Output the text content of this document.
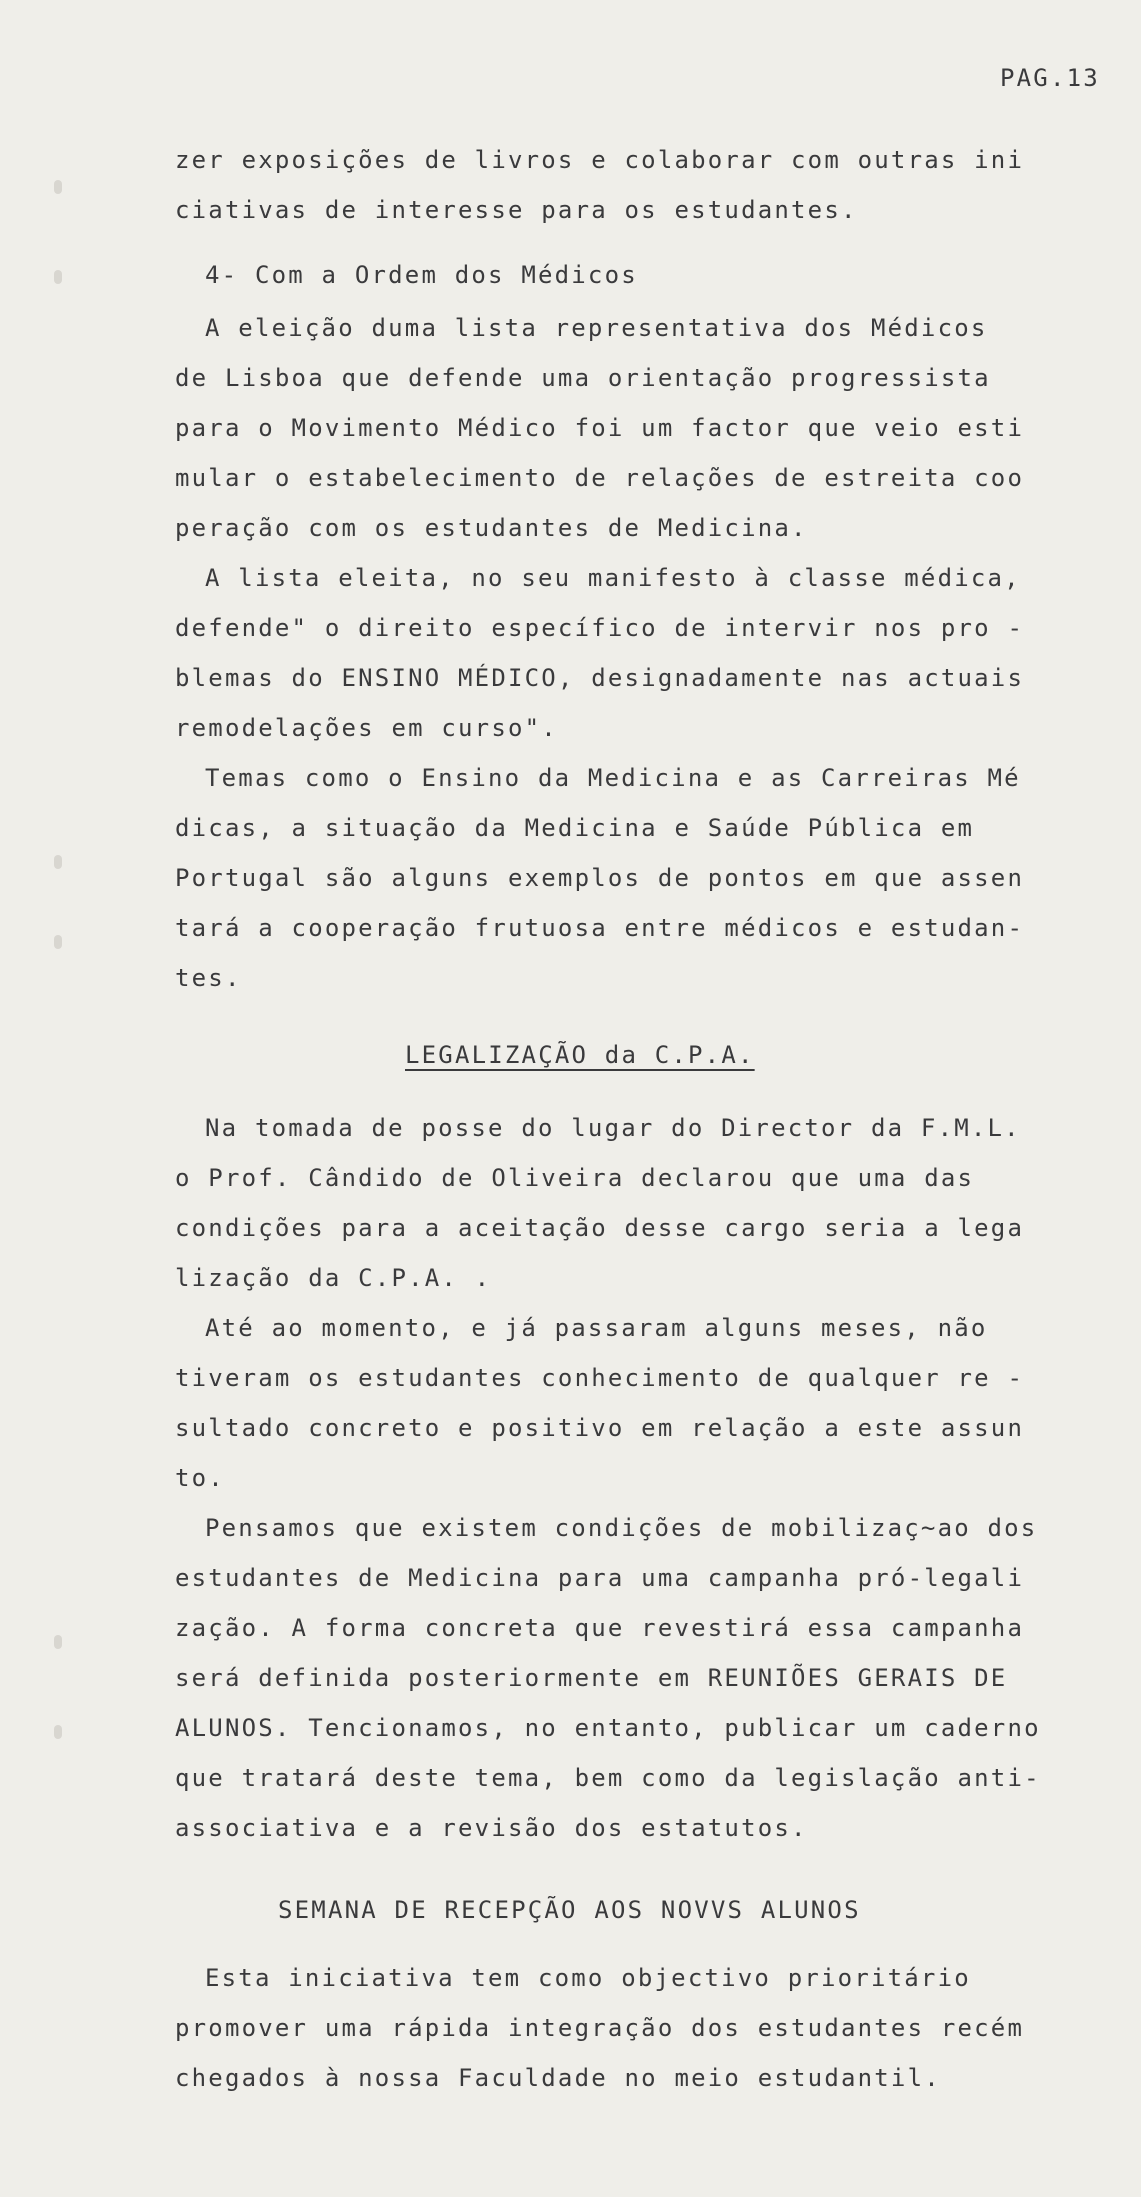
PAG.13
zer exposições de livros e colaborar com outras ini
ciativas de interesse para os estudantes.
4- Com a Ordem dos Médicos
A eleição duma lista representativa dos Médicos
de Lisboa que defende uma orientação progressista
para o Movimento Médico foi um factor que veio esti
mular o estabelecimento de relações de estreita coo
peração com os estudantes de Medicina.
A lista eleita, no seu manifesto à classe médica,
defende" o direito específico de intervir nos pro -
blemas do ENSINO MÉDICO, designadamente nas actuais
remodelações em curso".
Temas como o Ensino da Medicina e as Carreiras Mé
dicas, a situação da Medicina e Saúde Pública em
Portugal são alguns exemplos de pontos em que assen
tará a cooperação frutuosa entre médicos e estudan-
tes.
Na tomada de posse do lugar do Director da F.M.L.
o Prof. Cândido de Oliveira declarou que uma das
condições para a aceitação desse cargo seria a lega
lização da C.P.A. .
Até ao momento, e já passaram alguns meses, não
tiveram os estudantes conhecimento de qualquer re -
sultado concreto e positivo em relação a este assun
to.
Pensamos que existem condições de mobilizaç~ao dos
estudantes de Medicina para uma campanha pró-legali
zação. A forma concreta que revestirá essa campanha
será definida posteriormente em REUNIÕES GERAIS DE
ALUNOS. Tencionamos, no entanto, publicar um caderno
que tratará deste tema, bem como da legislação anti-
associativa e a revisão dos estatutos.
Esta iniciativa tem como objectivo prioritário
promover uma rápida integração dos estudantes recém
chegados à nossa Faculdade no meio estudantil.
LEGALIZAÇÃO da C.P.A.
SEMANA DE RECEPÇÃO AOS NOVVS ALUNOS
